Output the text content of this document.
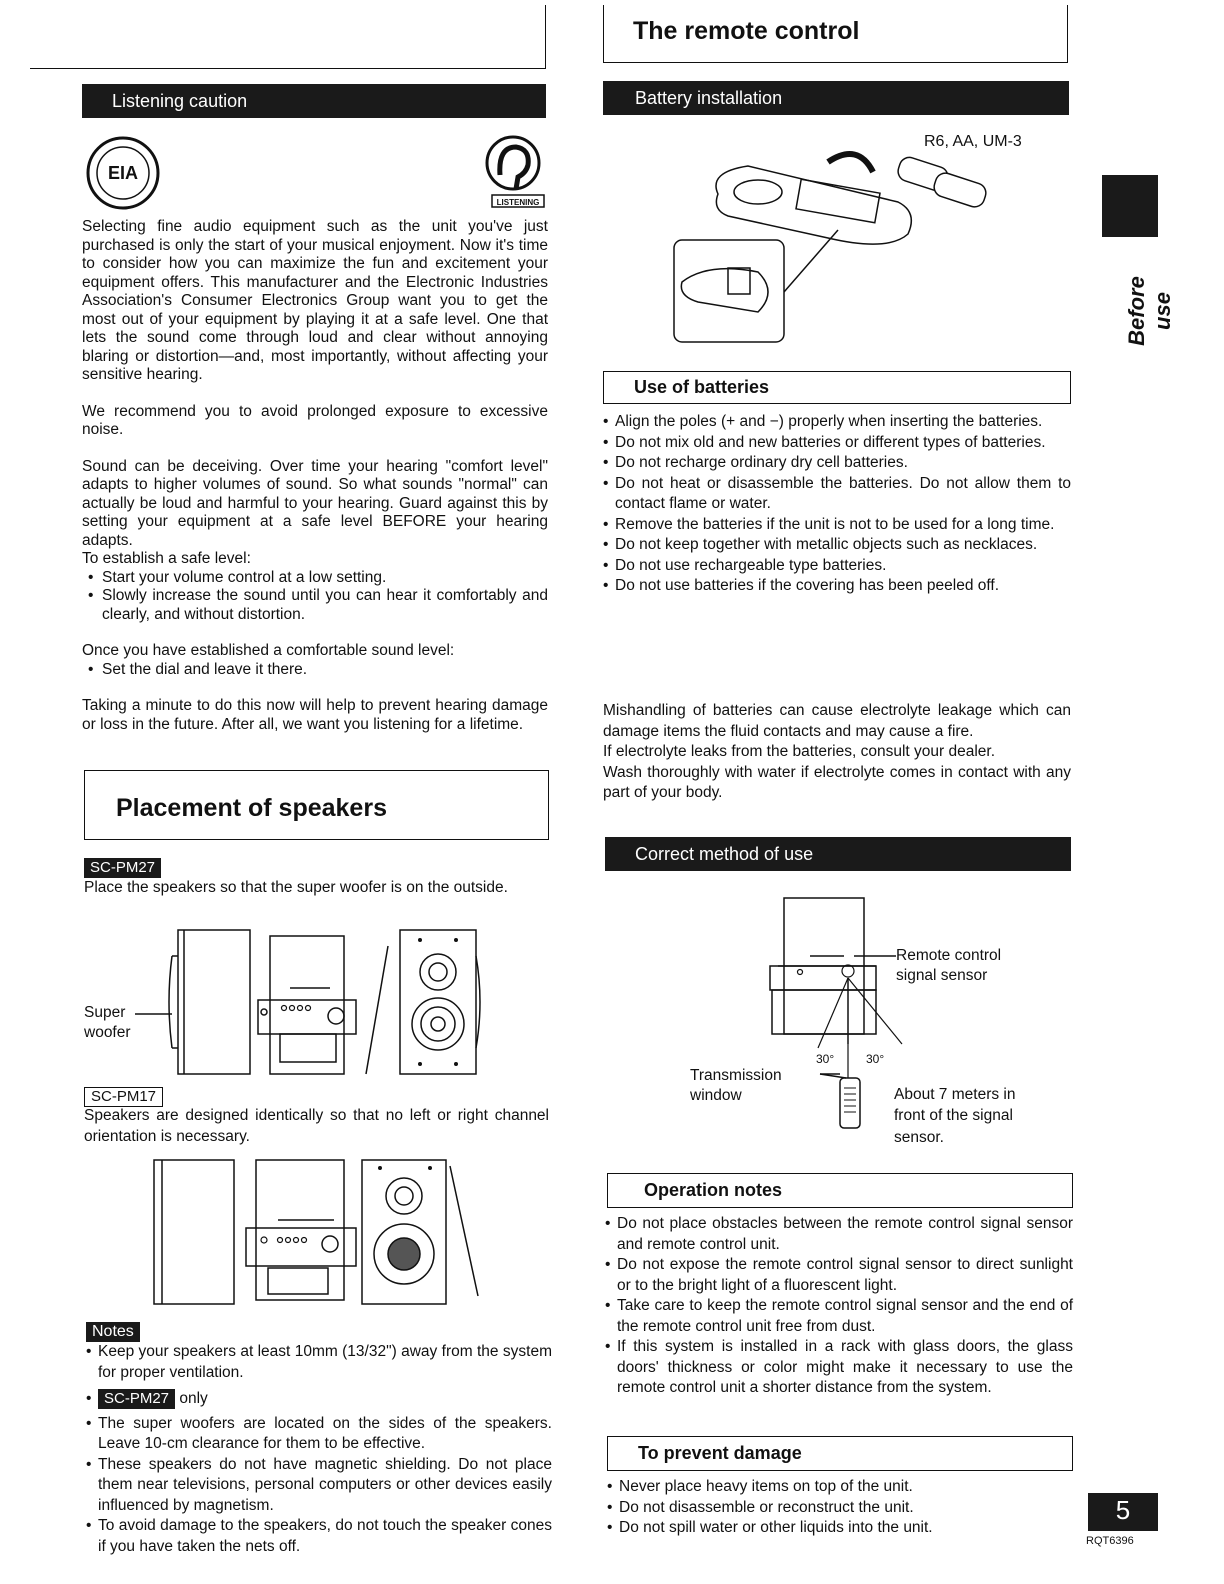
The remote control
Listening caution
EIA
LISTENING

Selecting fine audio equipment such as the unit you've just purchased is only the start of your musical enjoyment. Now it's time to consider how you can maximize the fun and excitement your equipment offers. This manufacturer and the Electronic Industries Association's Consumer Electronics Group want you to get the most out of your equipment by playing it at a safe level. One that lets the sound come through loud and clear without annoying blaring or distortion—and, most importantly, without affecting your sensitive hearing.

We recommend you to avoid prolonged exposure to excessive noise.

Sound can be deceiving. Over time your hearing "comfort level" adapts to higher volumes of sound. So what sounds "normal" can actually be loud and harmful to your hearing. Guard against this by setting your equipment at a safe level BEFORE your hearing adapts.

To establish a safe level:
• Start your volume control at a low setting.
• Slowly increase the sound until you can hear it comfortably and clearly, and without distortion.
Once you have established a comfortable sound level:
• Set the dial and leave it there.

Taking a minute to do this now will help to prevent hearing damage or loss in the future. After all, we want you listening for a lifetime.

Placement of speakers
SC-PM27
Place the speakers so that the super woofer is on the outside.
Super
woofer
SC-PM17
Speakers are designed identically so that no left or right channel orientation is necessary.
Notes
• Keep your speakers at least 10mm (13/32") away from the system for proper ventilation.
• SC-PM27 only
• The super woofers are located on the sides of the speakers. Leave 10-cm clearance for them to be effective.
• These speakers do not have magnetic shielding. Do not place them near televisions, personal computers or other devices easily influenced by magnetism.
• To avoid damage to the speakers, do not touch the speaker cones if you have taken the nets off.
Battery installation
R6, AA, UM-3
Use of batteries
• Align the poles (+ and −) properly when inserting the batteries.
• Do not mix old and new batteries or different types of batteries.
• Do not recharge ordinary dry cell batteries.
• Do not heat or disassemble the batteries. Do not allow them to contact flame or water.
• Remove the batteries if the unit is not to be used for a long time.
• Do not keep together with metallic objects such as necklaces.
• Do not use rechargeable type batteries.
• Do not use batteries if the covering has been peeled off.
Mishandling of batteries can cause electrolyte leakage which can damage items the fluid contacts and may cause a fire.
If electrolyte leaks from the batteries, consult your dealer.
Wash thoroughly with water if electrolyte comes in contact with any part of your body.
Correct method of use
Remote control
signal sensor
30°	30°
Transmission
window	About 7 meters in
front of the signal
sensor.
Operation notes
• Do not place obstacles between the remote control signal sensor and remote control unit.
• Do not expose the remote control signal sensor to direct sunlight or to the bright light of a fluorescent light.
• Take care to keep the remote control signal sensor and the end of the remote control unit free from dust.
• If this system is installed in a rack with glass doors, the glass doors' thickness or color might make it necessary to use the remote control unit a shorter distance from the system.
To prevent damage
• Never place heavy items on top of the unit.
• Do not disassemble or reconstruct the unit.
• Do not spill water or other liquids into the unit.
Before use
5
RQT6396
